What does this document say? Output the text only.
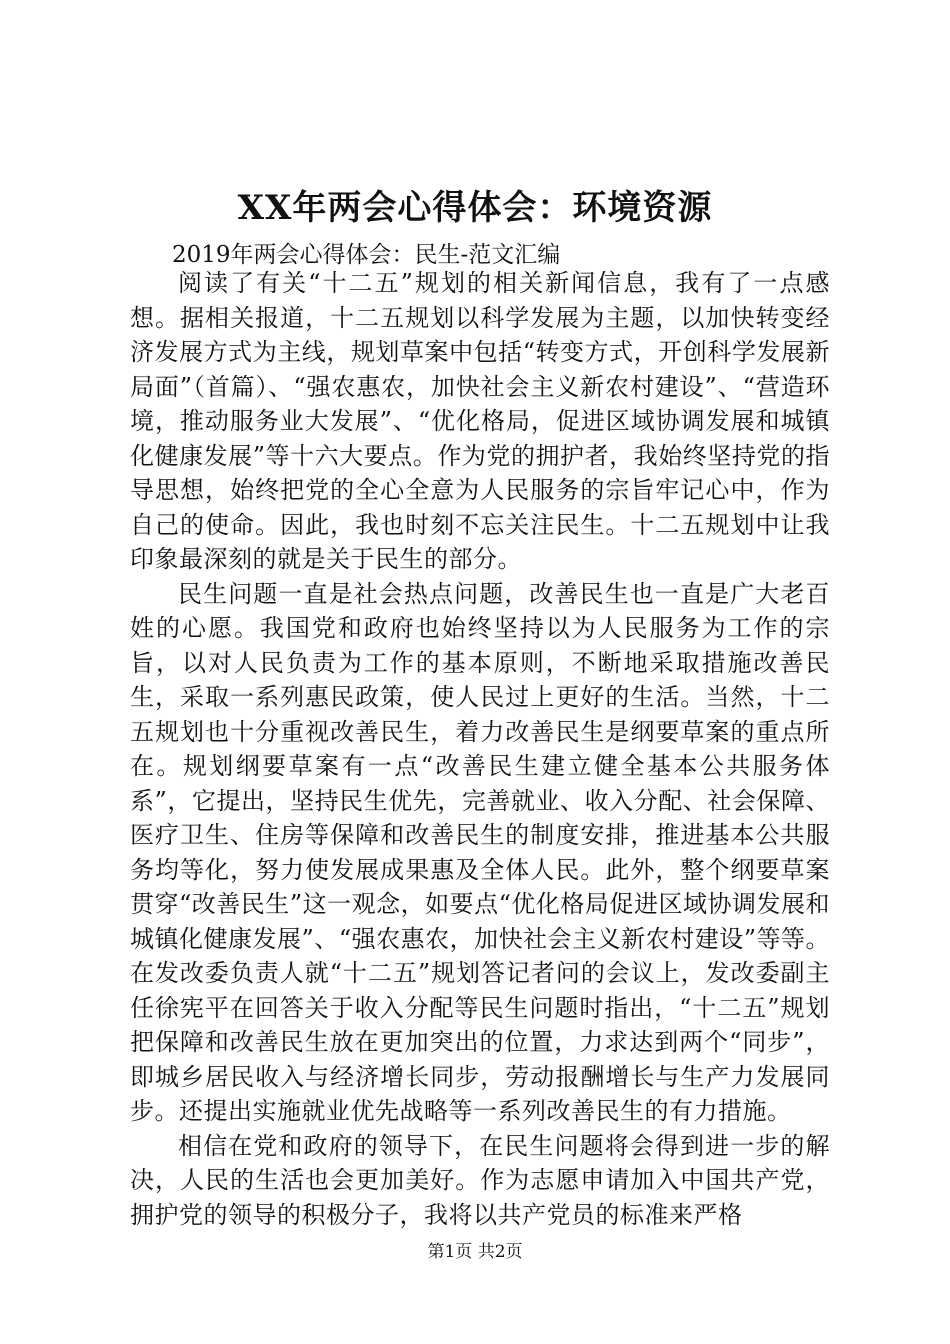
XX年两会心得体会：环境资源
2019年两会心得体会：民生-范文汇编

阅读了有关“十二五”规划的相关新闻信息，我有了一点感想。据相关报道，十二五规划以科学发展为主题，以加快转变经济发展方式为主线，规划草案中包括“转变方式，开创科学发展新局面”（首篇）、“强农惠农，加快社会主义新农村建设”、“营造环境，推动服务业大发展”、“优化格局，促进区域协调发展和城镇化健康发展”等十六大要点。作为党的拥护者，我始终坚持党的指导思想，始终把党的全心全意为人民服务的宗旨牢记心中，作为自己的使命。因此，我也时刻不忘关注民生。十二五规划中让我印象最深刻的就是关于民生的部分。

民生问题一直是社会热点问题，改善民生也一直是广大老百姓的心愿。我国党和政府也始终坚持以为人民服务为工作的宗旨，以对人民负责为工作的基本原则，不断地采取措施改善民生，采取一系列惠民政策，使人民过上更好的生活。当然，十二五规划也十分重视改善民生，着力改善民生是纲要草案的重点所在。规划纲要草案有一点“改善民生建立健全基本公共服务体系”，它提出，坚持民生优先，完善就业、收入分配、社会保障、医疗卫生、住房等保障和改善民生的制度安排，推进基本公共服务均等化，努力使发展成果惠及全体人民。此外，整个纲要草案贯穿“改善民生”这一观念，如要点“优化格局促进区域协调发展和城镇化健康发展”、“强农惠农，加快社会主义新农村建设”等等。在发改委负责人就“十二五”规划答记者问的会议上，发改委副主任徐宪平在回答关于收入分配等民生问题时指出，“十二五”规划把保障和改善民生放在更加突出的位置，力求达到两个“同步”，即城乡居民收入与经济增长同步，劳动报酬增长与生产力发展同步。还提出实施就业优先战略等一系列改善民生的有力措施。

相信在党和政府的领导下，在民生问题将会得到进一步的解决，人民的生活也会更加美好。作为志愿申请加入中国共产党，拥护党的领导的积极分子，我将以共产党员的标准来严格

第1页 共2页
